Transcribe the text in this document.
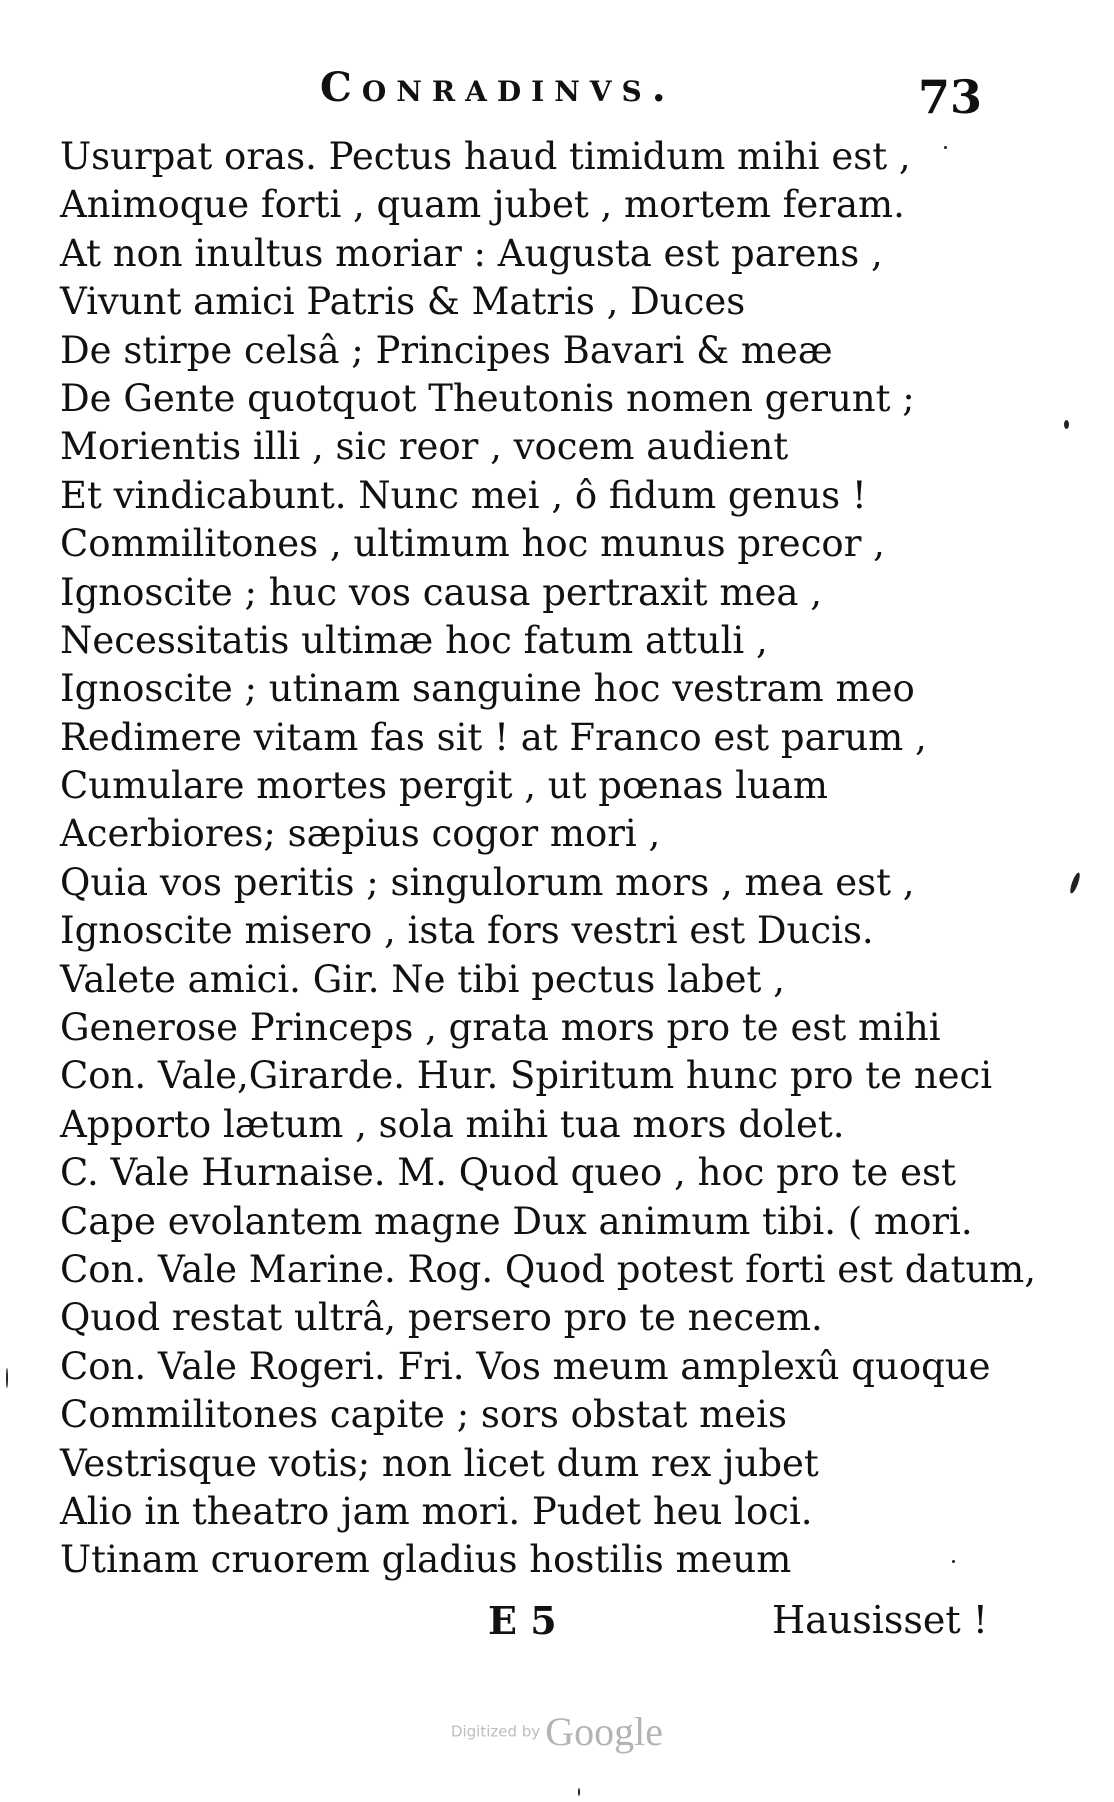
Conradinvs.	73
Usurpat oras. Pectus haud timidum mihi est ,
Animoque forti , quam jubet , mortem feram.
At non inultus moriar : Augusta est parens ,
Vivunt amici Patris & Matris , Duces
De stirpe celsâ ; Principes Bavari & meæ
De Gente quotquot Theutonis nomen gerunt ;
Morientis illi , sic reor , vocem audient
Et vindicabunt. Nunc mei , ô fidum genus !
Commilitones , ultimum hoc munus precor ,
Ignoscite ; huc vos causa pertraxit mea ,
Necessitatis ultimæ hoc fatum attuli ,
Ignoscite ; utinam sanguine hoc vestram meo
Redimere vitam fas sit ! at Franco est parum ,
Cumulare mortes pergit , ut pœnas luam
Acerbiores; sæpius cogor mori ,
Quia vos peritis ; singulorum mors , mea est ,
Ignoscite misero , ista fors vestri est Ducis.
Valete amici. Gir. Ne tibi pectus labet ,
Generose Princeps , grata mors pro te est mihi
Con. Vale,Girarde. Hur. Spiritum hunc pro te neci
Apporto lætum , sola mihi tua mors dolet.
C. Vale Hurnaise. M. Quod queo , hoc pro te est
Cape evolantem magne Dux animum tibi. ( mori.
Con. Vale Marine. Rog. Quod potest forti est datum,
Quod restat ultrâ, persero pro te necem.
Con. Vale Rogeri. Fri. Vos meum amplexû quoque
Commilitones capite ; sors obstat meis
Vestrisque votis; non licet dum rex jubet
Alio in theatro jam mori. Pudet heu loci.
Utinam cruorem gladius hostilis meum
E 5	Hausisset !
Digitized by Google
